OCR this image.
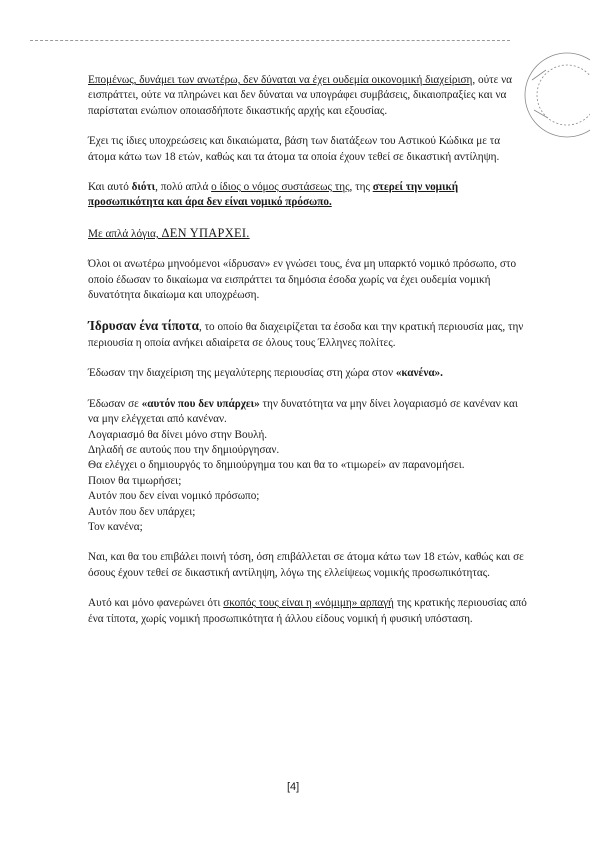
Επομένως, δυνάμει των ανωτέρω, δεν δύναται να έχει ουδεμία οικονομική διαχείριση, ούτε να εισπράττει, ούτε να πληρώνει και δεν δύναται να υπογράφει συμβάσεις, δικαιοπραξίες και να παρίσταται ενώπιον οποιασδήποτε δικαστικής αρχής και εξουσίας.

Έχει τις ίδιες υποχρεώσεις και δικαιώματα, βάση των διατάξεων του Αστικού Κώδικα με τα άτομα κάτω των 18 ετών, καθώς και τα άτομα τα οποία έχουν τεθεί σε δικαστική αντίληψη.

Και αυτό διότι, πολύ απλά ο ίδιος ο νόμος συστάσεως της, της στερεί την νομική προσωπικότητα και άρα δεν είναι νομικό πρόσωπο.

Με απλά λόγια, ΔΕΝ ΥΠΑΡΧΕΙ.

Όλοι οι ανωτέρω μηνοόμενοι «ίδρυσαν» εν γνώσει τους, ένα μη υπαρκτό νομικό πρόσωπο, στο οποίο έδωσαν το δικαίωμα να εισπράττει τα δημόσια έσοδα χωρίς να έχει ουδεμία νομική δυνατότητα δικαίωμα και υποχρέωση.

Ίδρυσαν ένα τίποτα, το οποίο θα διαχειρίζεται τα έσοδα και την κρατική περιουσία μας, την περιουσία η οποία ανήκει αδιαίρετα σε όλους τους Έλληνες πολίτες.

Έδωσαν την διαχείριση της μεγαλύτερης περιουσίας στη χώρα στον «κανένα».

Έδωσαν σε «αυτόν που δεν υπάρχει» την δυνατότητα να μην δίνει λογαριασμό σε κανέναν και να μην ελέγχεται από κανέναν.

Λογαριασμό θα δίνει μόνο στην Βουλή.

Δηλαδή σε αυτούς που την δημιούργησαν.

Θα ελέγχει ο δημιουργός το δημιούργημα του και θα το «τιμωρεί» αν παρανομήσει.

Ποιον θα τιμωρήσει;

Αυτόν που δεν είναι νομικό πρόσωπο;

Αυτόν που δεν υπάρχει;

Τον κανένα;

Ναι, και θα του επιβάλει ποινή τόση, όση επιβάλλεται σε άτομα κάτω των 18 ετών, καθώς και σε όσους έχουν τεθεί σε δικαστική αντίληψη, λόγω της ελλείψεως νομικής προσωπικότητας.

Αυτό και μόνο φανερώνει ότι σκοπός τους είναι η «νόμιμη» αρπαγή της κρατικής περιουσίας από ένα τίποτα, χωρίς νομική προσωπικότητα ή άλλου είδους νομική ή φυσική υπόσταση.

[4]
